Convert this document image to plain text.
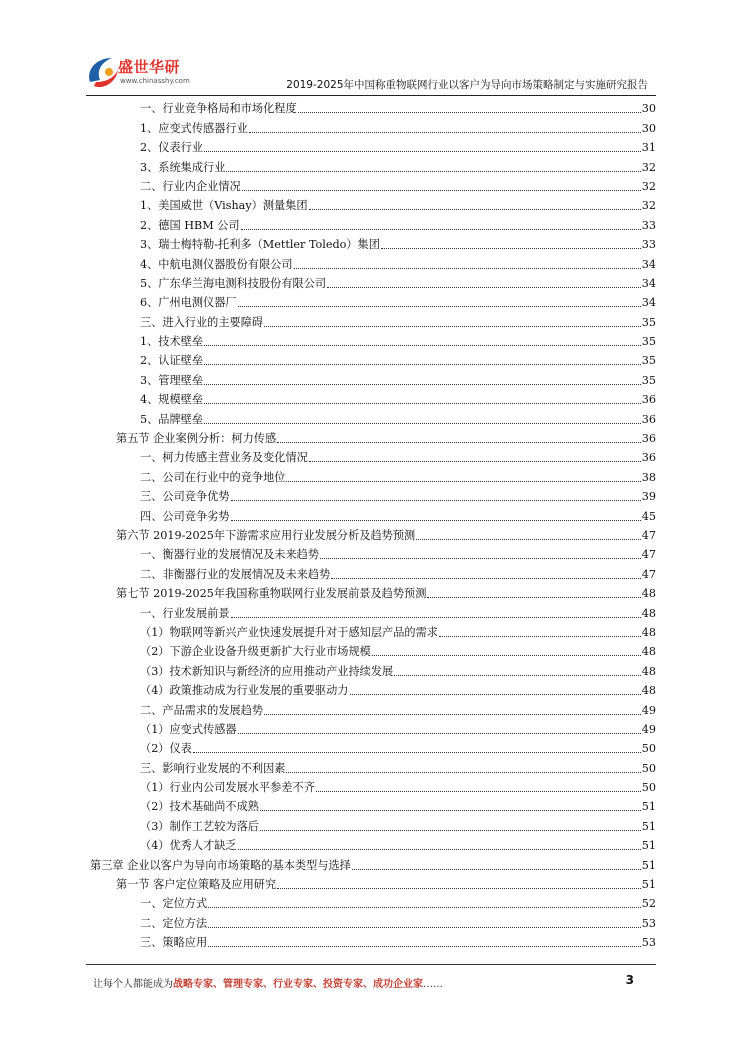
盛世华研
www.chinasshy.com	2019-2025年中国称重物联网行业以客户为导向市场策略制定与实施研究报告
一、行业竞争格局和市场化程度	30
1、应变式传感器行业	30
2、仪表行业	31
3、系统集成行业	32
二、行业内企业情况	32
1、美国威世（Vishay）测量集团	32
2、德国 HBM 公司	33
3、瑞士梅特勒-托利多（Mettler Toledo）集团	33
4、中航电测仪器股份有限公司	34
5、广东华兰海电测科技股份有限公司	34
6、广州电测仪器厂	34
三、进入行业的主要障碍	35
1、技术壁垒	35
2、认证壁垒	35
3、管理壁垒	35
4、规模壁垒	36
5、品牌壁垒	36
第五节 企业案例分析：柯力传感	36
一、柯力传感主营业务及变化情况	36
二、公司在行业中的竞争地位	38
三、公司竞争优势	39
四、公司竞争劣势	45
第六节 2019-2025年下游需求应用行业发展分析及趋势预测	47
一、衡器行业的发展情况及未来趋势	47
二、非衡器行业的发展情况及未来趋势	47
第七节 2019-2025年我国称重物联网行业发展前景及趋势预测	48
一、行业发展前景	48
（1）物联网等新兴产业快速发展提升对于感知层产品的需求	48
（2）下游企业设备升级更新扩大行业市场规模	48
（3）技术新知识与新经济的应用推动产业持续发展	48
（4）政策推动成为行业发展的重要驱动力	48
二、产品需求的发展趋势	49
（1）应变式传感器	49
（2）仪表	50
三、影响行业发展的不利因素	50
（1）行业内公司发展水平参差不齐	50
（2）技术基础尚不成熟	51
（3）制作工艺较为落后	51
（4）优秀人才缺乏	51
第三章 企业以客户为导向市场策略的基本类型与选择	51
第一节 客户定位策略及应用研究	51
一、定位方式	52
二、定位方法	53
三、策略应用	53
让每个人都能成为战略专家、管理专家、行业专家、投资专家、成功企业家……	3
